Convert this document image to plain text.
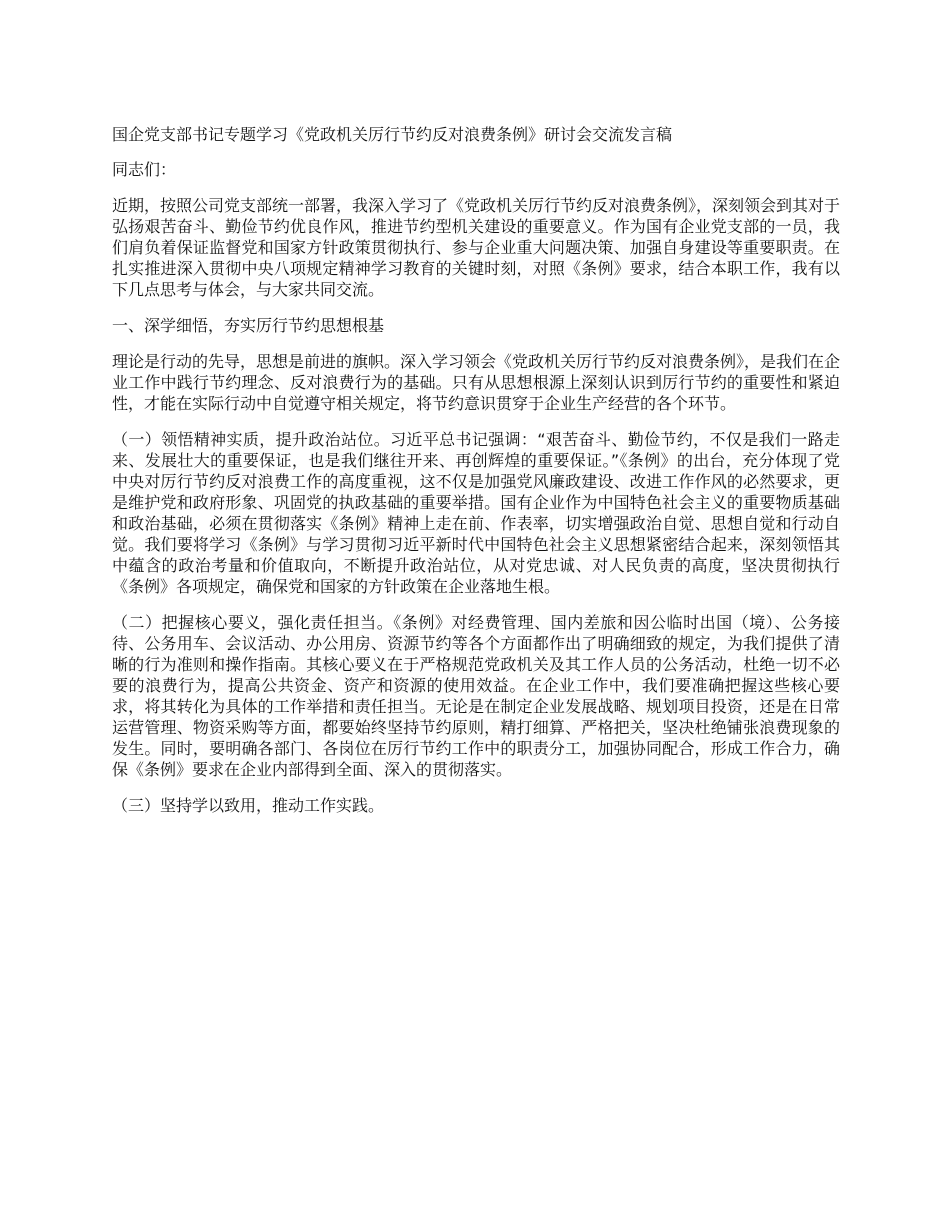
国企党支部书记专题学习《党政机关厉行节约反对浪费条例》研讨会交流发言稿

同志们：

近期，按照公司党支部统一部署，我深入学习了《党政机关厉行节约反对浪费条例》，深刻领会到其对于弘扬艰苦奋斗、勤俭节约优良作风，推进节约型机关建设的重要意义。作为国有企业党支部的一员，我们肩负着保证监督党和国家方针政策贯彻执行、参与企业重大问题决策、加强自身建设等重要职责。在扎实推进深入贯彻中央八项规定精神学习教育的关键时刻，对照《条例》要求，结合本职工作，我有以下几点思考与体会，与大家共同交流。

一、深学细悟，夯实厉行节约思想根基

理论是行动的先导，思想是前进的旗帜。深入学习领会《党政机关厉行节约反对浪费条例》，是我们在企业工作中践行节约理念、反对浪费行为的基础。只有从思想根源上深刻认识到厉行节约的重要性和紧迫性，才能在实际行动中自觉遵守相关规定，将节约意识贯穿于企业生产经营的各个环节。

（一）领悟精神实质，提升政治站位。习近平总书记强调：“艰苦奋斗、勤俭节约，不仅是我们一路走来、发展壮大的重要保证，也是我们继往开来、再创辉煌的重要保证。”《条例》的出台，充分体现了党中央对厉行节约反对浪费工作的高度重视，这不仅是加强党风廉政建设、改进工作作风的必然要求，更是维护党和政府形象、巩固党的执政基础的重要举措。国有企业作为中国特色社会主义的重要物质基础和政治基础，必须在贯彻落实《条例》精神上走在前、作表率，切实增强政治自觉、思想自觉和行动自觉。我们要将学习《条例》与学习贯彻习近平新时代中国特色社会主义思想紧密结合起来，深刻领悟其中蕴含的政治考量和价值取向，不断提升政治站位，从对党忠诚、对人民负责的高度，坚决贯彻执行《条例》各项规定，确保党和国家的方针政策在企业落地生根。

（二）把握核心要义，强化责任担当。《条例》对经费管理、国内差旅和因公临时出国（境）、公务接待、公务用车、会议活动、办公用房、资源节约等各个方面都作出了明确细致的规定，为我们提供了清晰的行为准则和操作指南。其核心要义在于严格规范党政机关及其工作人员的公务活动，杜绝一切不必要的浪费行为，提高公共资金、资产和资源的使用效益。在企业工作中，我们要准确把握这些核心要求，将其转化为具体的工作举措和责任担当。无论是在制定企业发展战略、规划项目投资，还是在日常运营管理、物资采购等方面，都要始终坚持节约原则，精打细算、严格把关，坚决杜绝铺张浪费现象的发生。同时，要明确各部门、各岗位在厉行节约工作中的职责分工，加强协同配合，形成工作合力，确保《条例》要求在企业内部得到全面、深入的贯彻落实。

（三）坚持学以致用，推动工作实践。
